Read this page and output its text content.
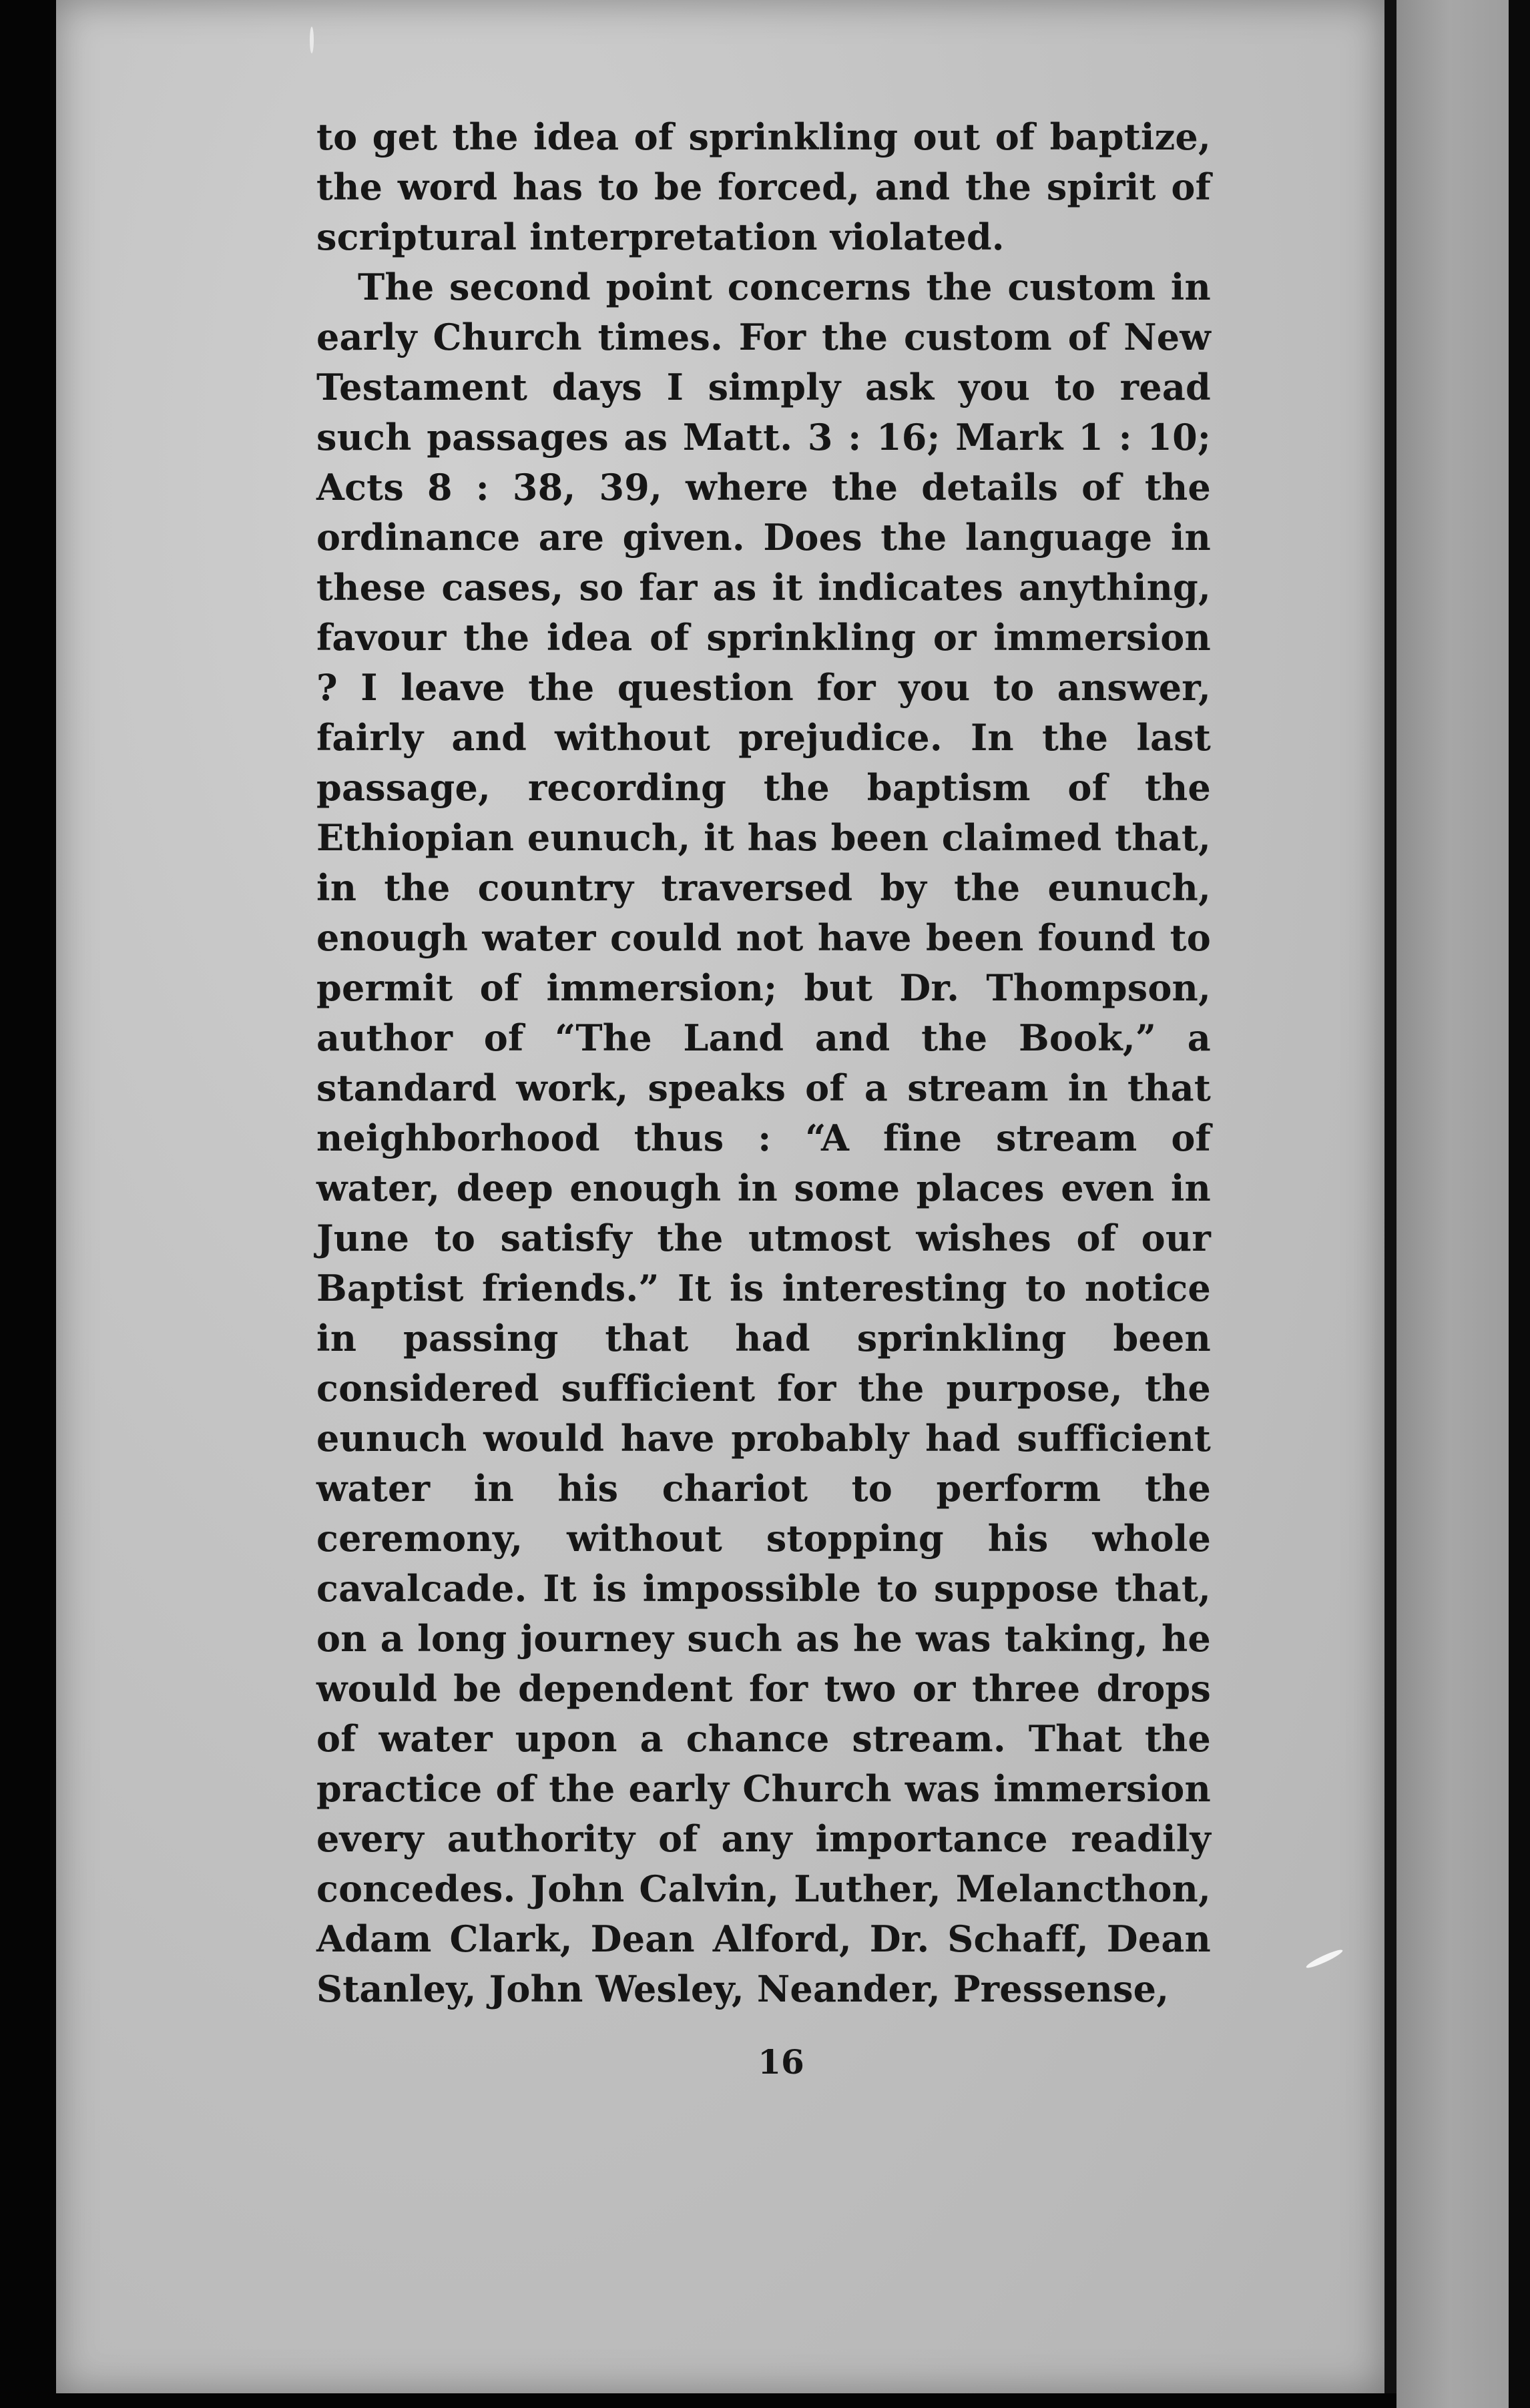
to get the idea of sprinkling out of baptize, the word has to be forced, and the spirit of scriptural interpretation violated.

The second point concerns the custom in early Church times. For the custom of New Testament days I simply ask you to read such passages as Matt. 3 : 16; Mark 1 : 10; Acts 8 : 38, 39, where the details of the ordinance are given. Does the language in these cases, so far as it indicates anything, favour the idea of sprinkling or immersion ? I leave the question for you to answer, fairly and without prejudice. In the last passage, recording the baptism of the Ethiopian eunuch, it has been claimed that, in the country traversed by the eunuch, enough water could not have been found to permit of immersion; but Dr. Thompson, author of “The Land and the Book,” a standard work, speaks of a stream in that neighborhood thus : “A fine stream of water, deep enough in some places even in June to satisfy the utmost wishes of our Baptist friends.” It is interesting to notice in passing that had sprinkling been considered sufficient for the purpose, the eunuch would have probably had sufficient water in his chariot to perform the ceremony, without stopping his whole cavalcade. It is impossible to suppose that, on a long journey such as he was taking, he would be dependent for two or three drops of water upon a chance stream. That the practice of the early Church was immersion every authority of any importance readily concedes. John Calvin, Luther, Melancthon, Adam Clark, Dean Alford, Dr. Schaff, Dean Stanley, John Wesley, Neander, Pressense,

16
